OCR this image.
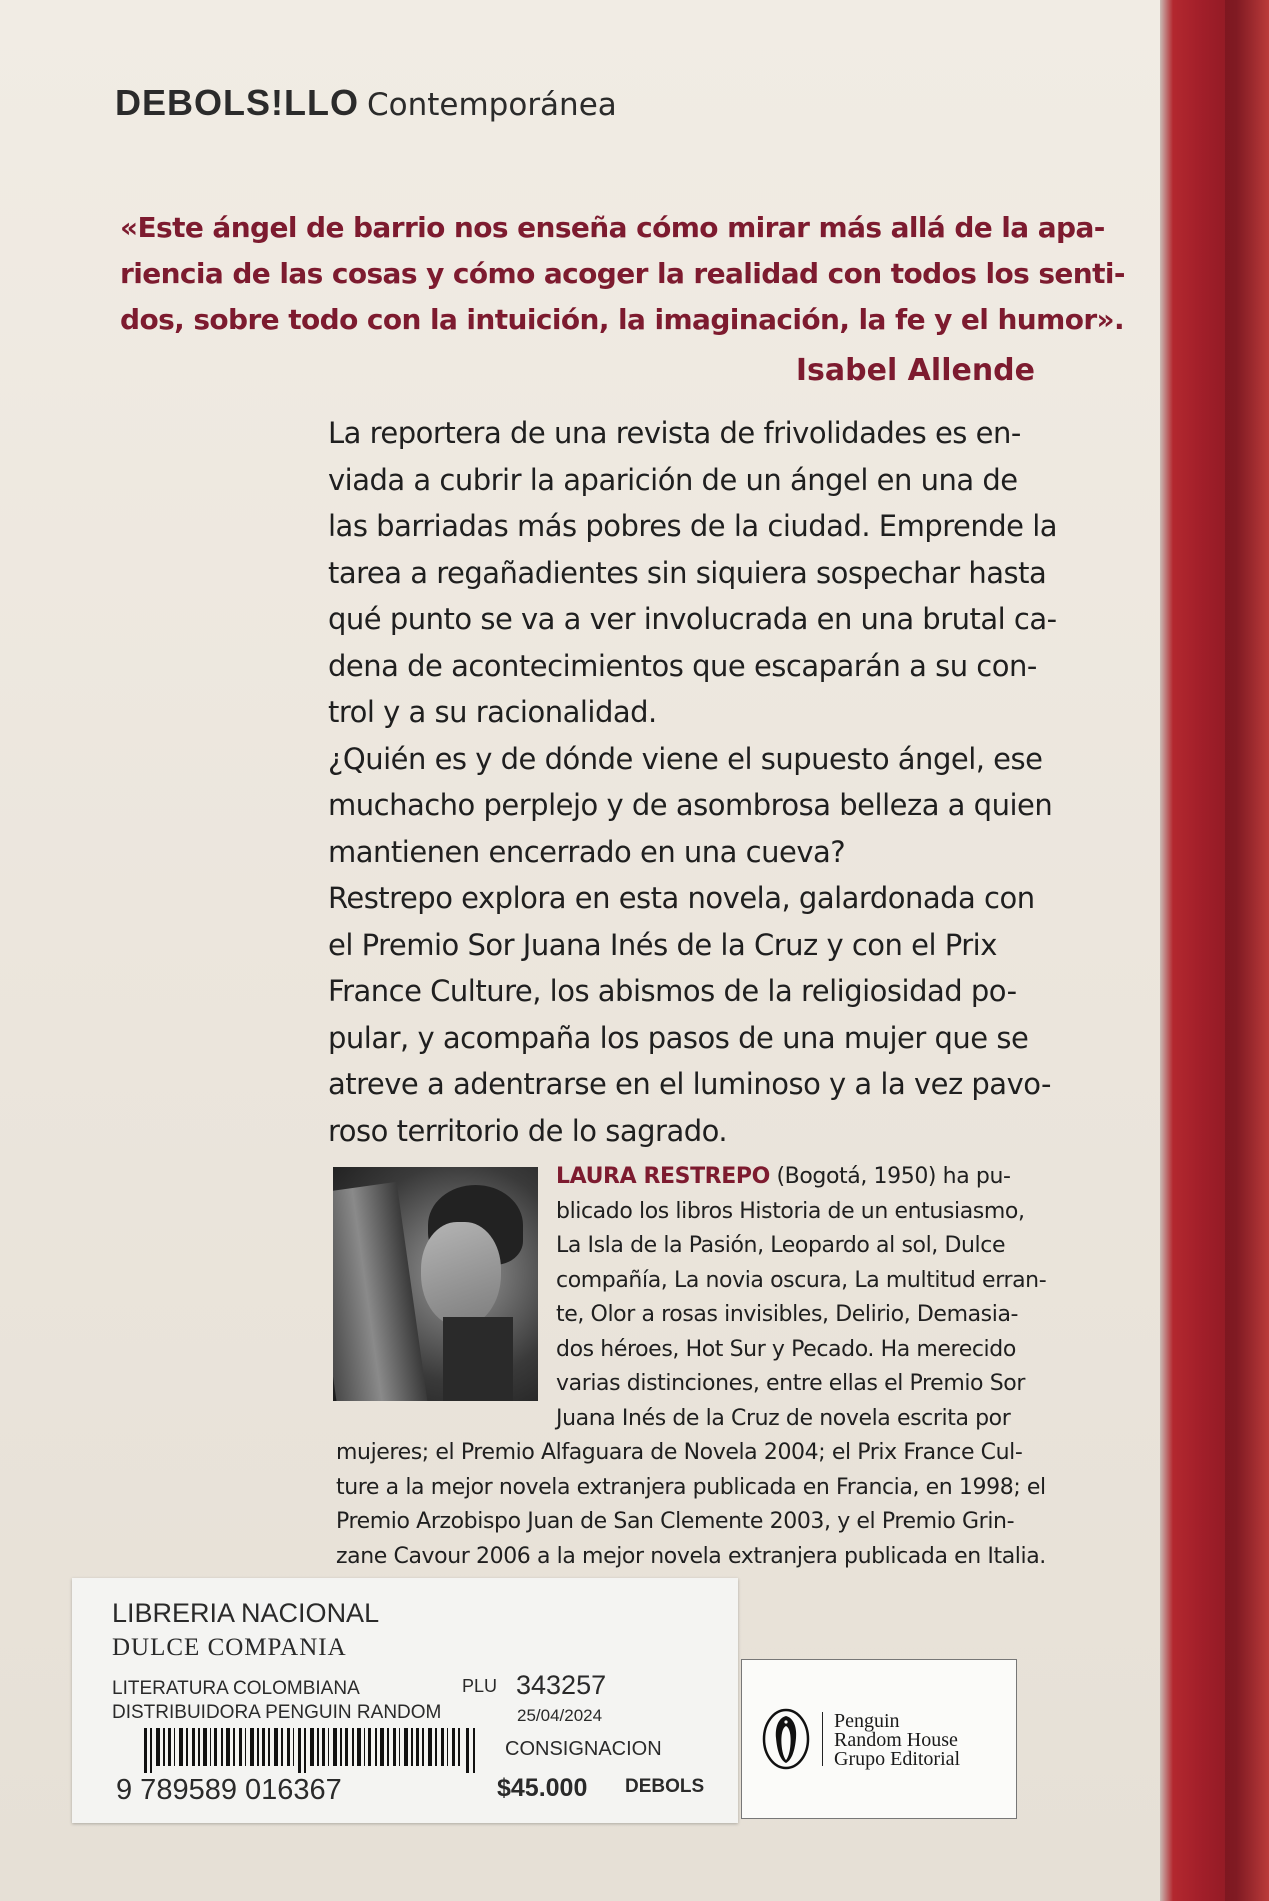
DEBOLS!LLO Contemporánea
«Este ángel de barrio nos enseña cómo mirar más allá de la apa-
riencia de las cosas y cómo acoger la realidad con todos los senti-
dos, sobre todo con la intuición, la imaginación, la fe y el humor».
Isabel Allende
La reportera de una revista de frivolidades es en-
viada a cubrir la aparición de un ángel en una de
las barriadas más pobres de la ciudad. Emprende la
tarea a regañadientes sin siquiera sospechar hasta
qué punto se va a ver involucrada en una brutal ca-
dena de acontecimientos que escaparán a su con-
trol y a su racionalidad.
¿Quién es y de dónde viene el supuesto ángel, ese
muchacho perplejo y de asombrosa belleza a quien
mantienen encerrado en una cueva?
Restrepo explora en esta novela, galardonada con
el Premio Sor Juana Inés de la Cruz y con el Prix
France Culture, los abismos de la religiosidad po-
pular, y acompaña los pasos de una mujer que se
atreve a adentrarse en el luminoso y a la vez pavo-
roso territorio de lo sagrado.
LAURA RESTREPO (Bogotá, 1950) ha pu-
blicado los libros Historia de un entusiasmo,
La Isla de la Pasión, Leopardo al sol, Dulce
compañía, La novia oscura, La multitud erran-
te, Olor a rosas invisibles, Delirio, Demasia-
dos héroes, Hot Sur y Pecado. Ha merecido
varias distinciones, entre ellas el Premio Sor
Juana Inés de la Cruz de novela escrita por
mujeres; el Premio Alfaguara de Novela 2004; el Prix France Cul-
ture a la mejor novela extranjera publicada en Francia, en 1998; el
Premio Arzobispo Juan de San Clemente 2003, y el Premio Grin-
zane Cavour 2006 a la mejor novela extranjera publicada en Italia.
LIBRERIA NACIONAL
DULCE COMPANIA
LITERATURA COLOMBIANA
DISTRIBUIDORA PENGUIN RANDOM
PLU 343257
25/04/2024
CONSIGNACION
$45.000 DEBOLS
9 789589 016367
Penguin
Random House
Grupo Editorial
